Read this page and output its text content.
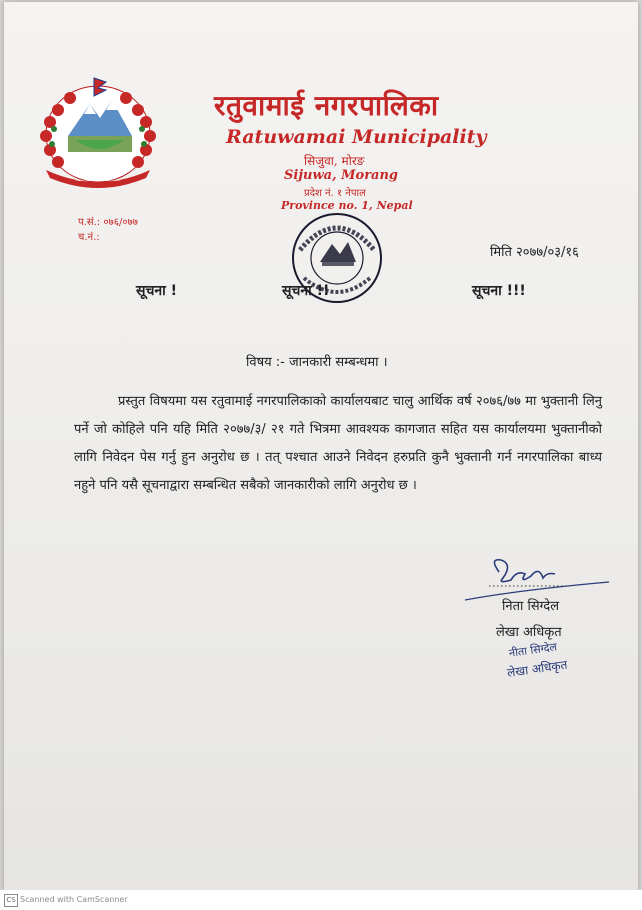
—————————
रतुवामाई नगरपालिका
Ratuwamai Municipality
सिजुवा, मोरङ
Sijuwa, Morang
प्रदेश नं. १ नेपाल
Province no. 1, Nepal
प.सं.: ०७६/०७७
च.नं.:
मिति २०७७/०३/१६
सूचना !	सूचना !!	सूचना !!!
विषय :- जानकारी सम्बन्धमा ।
प्रस्तुत विषयमा यस रतुवामाई नगरपालिकाको कार्यालयबाट चालु आर्थिक वर्ष २०७६/७७ मा भुक्तानी लिनु पर्ने जो कोहिले पनि यहि मिति २०७७/३/ २१ गते भित्रमा आवश्यक कागजात सहित यस कार्यालयमा भुक्तानीको लागि निवेदन पेस गर्नु हुन अनुरोध छ । तत् पश्चात आउने निवेदन हरुप्रति कुनै भुक्तानी गर्न नगरपालिका बाध्य नहुने पनि यसै सूचनाद्वारा सम्बन्धित सबैको जानकारीको लागि अनुरोध छ ।
निता सिग्देल
लेखा अधिकृत
नीता सिग्देल
लेखा अधिकृत
CS Scanned with CamScanner
